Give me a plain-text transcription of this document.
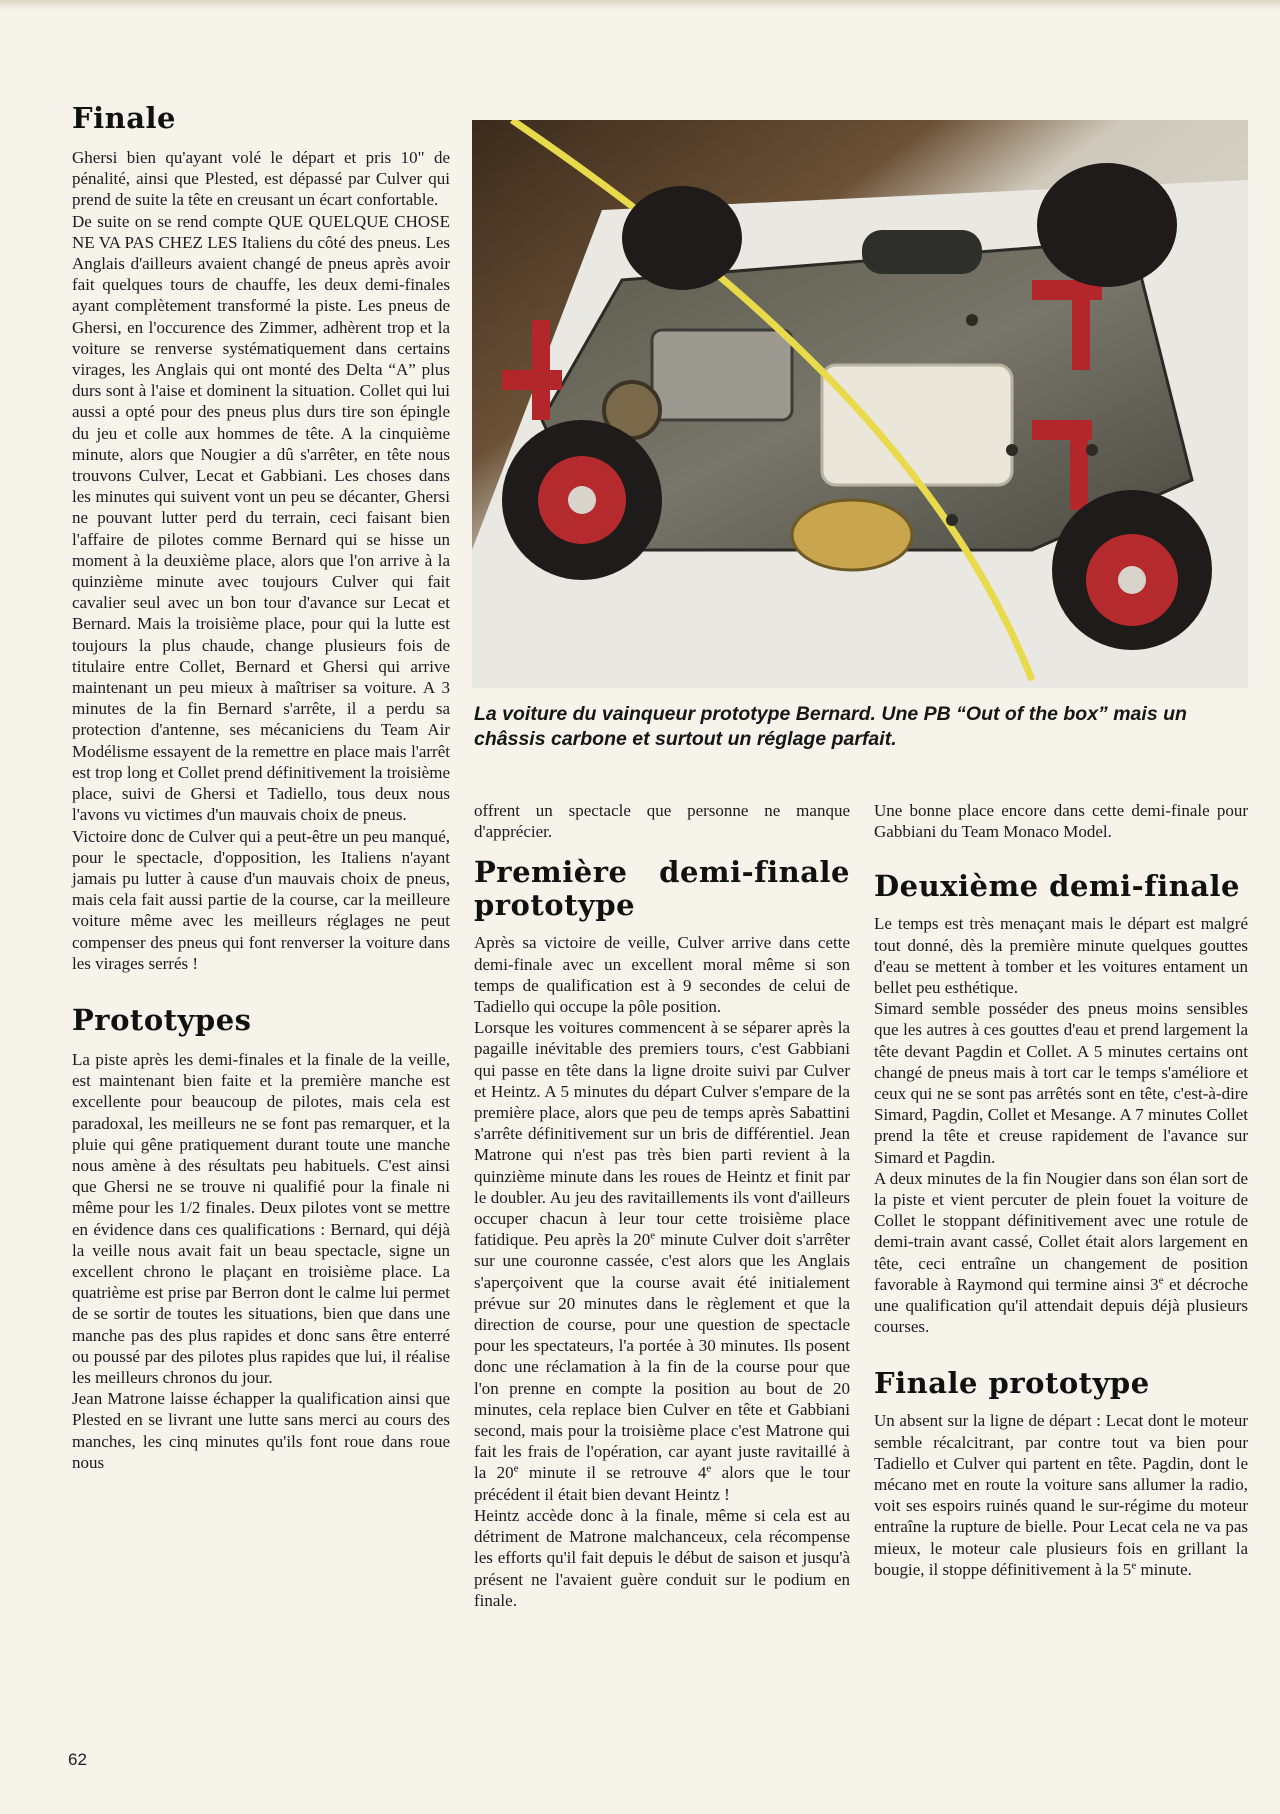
Finale

Ghersi bien qu'ayant volé le départ et pris 10" de pénalité, ainsi que Plested, est dépassé par Culver qui prend de suite la tête en creusant un écart confortable.

De suite on se rend compte QUE QUELQUE CHOSE NE VA PAS CHEZ LES Italiens du côté des pneus. Les Anglais d'ailleurs avaient changé de pneus après avoir fait quelques tours de chauffe, les deux demi-finales ayant complètement transformé la piste. Les pneus de Ghersi, en l'occurence des Zimmer, adhèrent trop et la voiture se renverse systématiquement dans certains virages, les Anglais qui ont monté des Delta “A” plus durs sont à l'aise et dominent la situation. Collet qui lui aussi a opté pour des pneus plus durs tire son épingle du jeu et colle aux hommes de tête. A la cinquième minute, alors que Nougier a dû s'arrêter, en tête nous trouvons Culver, Lecat et Gabbiani. Les choses dans les minutes qui suivent vont un peu se décanter, Ghersi ne pouvant lutter perd du terrain, ceci faisant bien l'affaire de pilotes comme Bernard qui se hisse un moment à la deuxième place, alors que l'on arrive à la quinzième minute avec toujours Culver qui fait cavalier seul avec un bon tour d'avance sur Lecat et Bernard. Mais la troisième place, pour qui la lutte est toujours la plus chaude, change plusieurs fois de titulaire entre Collet, Bernard et Ghersi qui arrive maintenant un peu mieux à maîtriser sa voiture. A 3 minutes de la fin Bernard s'arrête, il a perdu sa protection d'antenne, ses mécaniciens du Team Air Modélisme essayent de la remettre en place mais l'arrêt est trop long et Collet prend définitivement la troisième place, suivi de Ghersi et Tadiello, tous deux nous l'avons vu victimes d'un mauvais choix de pneus.

Victoire donc de Culver qui a peut-être un peu manqué, pour le spectacle, d'opposition, les Italiens n'ayant jamais pu lutter à cause d'un mauvais choix de pneus, mais cela fait aussi partie de la course, car la meilleure voiture même avec les meilleurs réglages ne peut compenser des pneus qui font renverser la voiture dans les virages serrés !

Prototypes

La piste après les demi-finales et la finale de la veille, est maintenant bien faite et la première manche est excellente pour beaucoup de pilotes, mais cela est paradoxal, les meilleurs ne se font pas remarquer, et la pluie qui gêne pratiquement durant toute une manche nous amène à des résultats peu habituels. C'est ainsi que Ghersi ne se trouve ni qualifié pour la finale ni même pour les 1/2 finales. Deux pilotes vont se mettre en évidence dans ces qualifications : Bernard, qui déjà la veille nous avait fait un beau spectacle, signe un excellent chrono le plaçant en troisième place. La quatrième est prise par Berron dont le calme lui permet de se sortir de toutes les situations, bien que dans une manche pas des plus rapides et donc sans être enterré ou poussé par des pilotes plus rapides que lui, il réalise les meilleurs chronos du jour.

Jean Matrone laisse échapper la qualification ainsi que Plested en se livrant une lutte sans merci au cours des manches, les cinq minutes qu'ils font roue dans roue nous

La voiture du vainqueur prototype Bernard. Une PB “Out of the box” mais un châssis carbone et surtout un réglage parfait.

offrent un spectacle que personne ne manque d'apprécier.

Première demi-finale prototype

Après sa victoire de veille, Culver arrive dans cette demi-finale avec un excellent moral même si son temps de qualification est à 9 secondes de celui de Tadiello qui occupe la pôle position.

Lorsque les voitures commencent à se séparer après la pagaille inévitable des premiers tours, c'est Gabbiani qui passe en tête dans la ligne droite suivi par Culver et Heintz. A 5 minutes du départ Culver s'empare de la première place, alors que peu de temps après Sabattini s'arrête définitivement sur un bris de différentiel. Jean Matrone qui n'est pas très bien parti revient à la quinzième minute dans les roues de Heintz et finit par le doubler. Au jeu des ravitaillements ils vont d'ailleurs occuper chacun à leur tour cette troisième place fatidique. Peu après la 20e minute Culver doit s'arrêter sur une couronne cassée, c'est alors que les Anglais s'aperçoivent que la course avait été initialement prévue sur 20 minutes dans le règlement et que la direction de course, pour une question de spectacle pour les spectateurs, l'a portée à 30 minutes. Ils posent donc une réclamation à la fin de la course pour que l'on prenne en compte la position au bout de 20 minutes, cela replace bien Culver en tête et Gabbiani second, mais pour la troisième place c'est Matrone qui fait les frais de l'opération, car ayant juste ravitaillé à la 20e minute il se retrouve 4e alors que le tour précédent il était bien devant Heintz !

Heintz accède donc à la finale, même si cela est au détriment de Matrone malchanceux, cela récompense les efforts qu'il fait depuis le début de saison et jusqu'à présent ne l'avaient guère conduit sur le podium en finale.

Une bonne place encore dans cette demi-finale pour Gabbiani du Team Monaco Model.

Deuxième demi-finale

Le temps est très menaçant mais le départ est malgré tout donné, dès la première minute quelques gouttes d'eau se mettent à tomber et les voitures entament un bellet peu esthétique.

Simard semble posséder des pneus moins sensibles que les autres à ces gouttes d'eau et prend largement la tête devant Pagdin et Collet. A 5 minutes certains ont changé de pneus mais à tort car le temps s'améliore et ceux qui ne se sont pas arrêtés sont en tête, c'est-à-dire Simard, Pagdin, Collet et Mesange. A 7 minutes Collet prend la tête et creuse rapidement de l'avance sur Simard et Pagdin.

A deux minutes de la fin Nougier dans son élan sort de la piste et vient percuter de plein fouet la voiture de Collet le stoppant définitivement avec une rotule de demi-train avant cassé, Collet était alors largement en tête, ceci entraîne un changement de position favorable à Raymond qui termine ainsi 3e et décroche une qualification qu'il attendait depuis déjà plusieurs courses.

Finale prototype

Un absent sur la ligne de départ : Lecat dont le moteur semble récalcitrant, par contre tout va bien pour Tadiello et Culver qui partent en tête. Pagdin, dont le mécano met en route la voiture sans allumer la radio, voit ses espoirs ruinés quand le sur-régime du moteur entraîne la rupture de bielle. Pour Lecat cela ne va pas mieux, le moteur cale plusieurs fois en grillant la bougie, il stoppe définitivement à la 5e minute.

62
